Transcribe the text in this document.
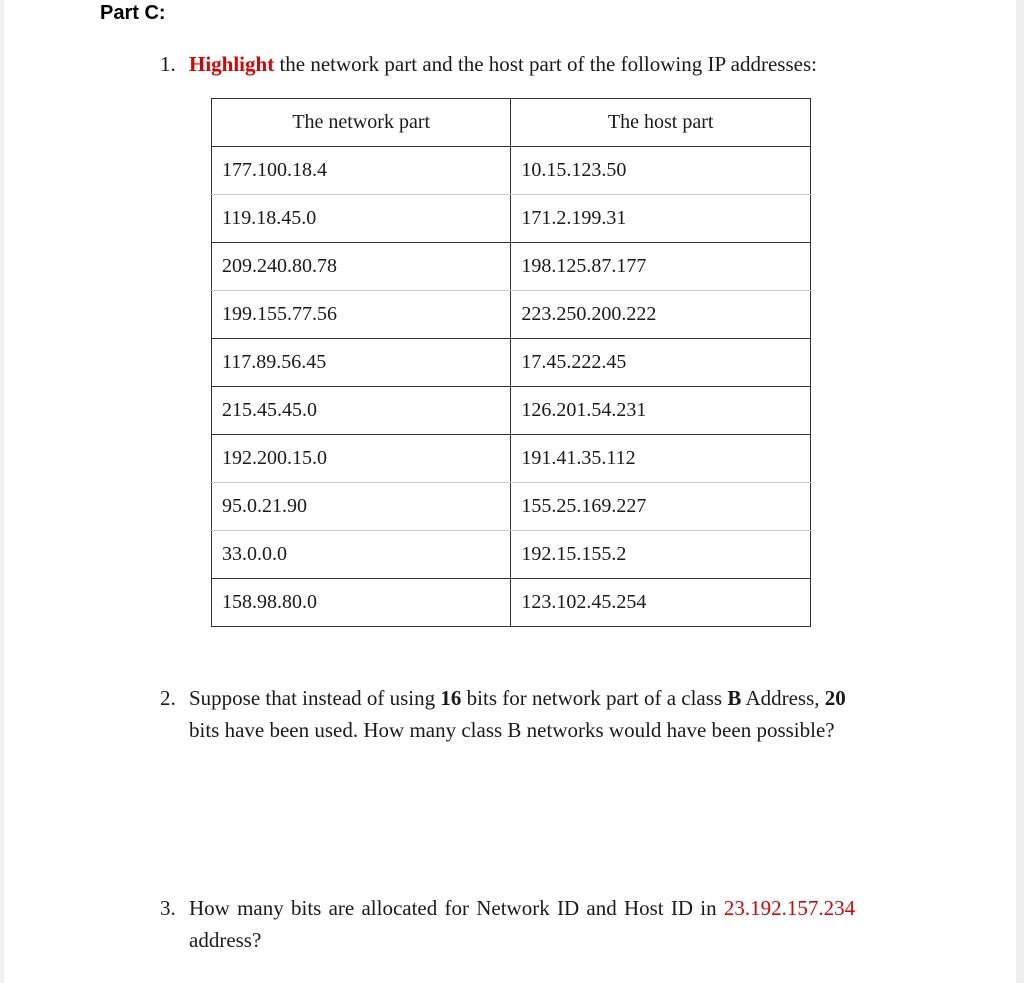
Part C:
1. Highlight the network part and the host part of the following IP addresses:
The network part	The host part
177.100.18.4	10.15.123.50
119.18.45.0	171.2.199.31
209.240.80.78	198.125.87.177
199.155.77.56	223.250.200.222
117.89.56.45	17.45.222.45
215.45.45.0	126.201.54.231
192.200.15.0	191.41.35.112
95.0.21.90	155.25.169.227
33.0.0.0	192.15.155.2
158.98.80.0	123.102.45.254
2. Suppose that instead of using 16 bits for network part of a class B Address, 20
bits have been used. How many class B networks would have been possible?
3. How many bits are allocated for Network ID and Host ID in 23.192.157.234
address?
